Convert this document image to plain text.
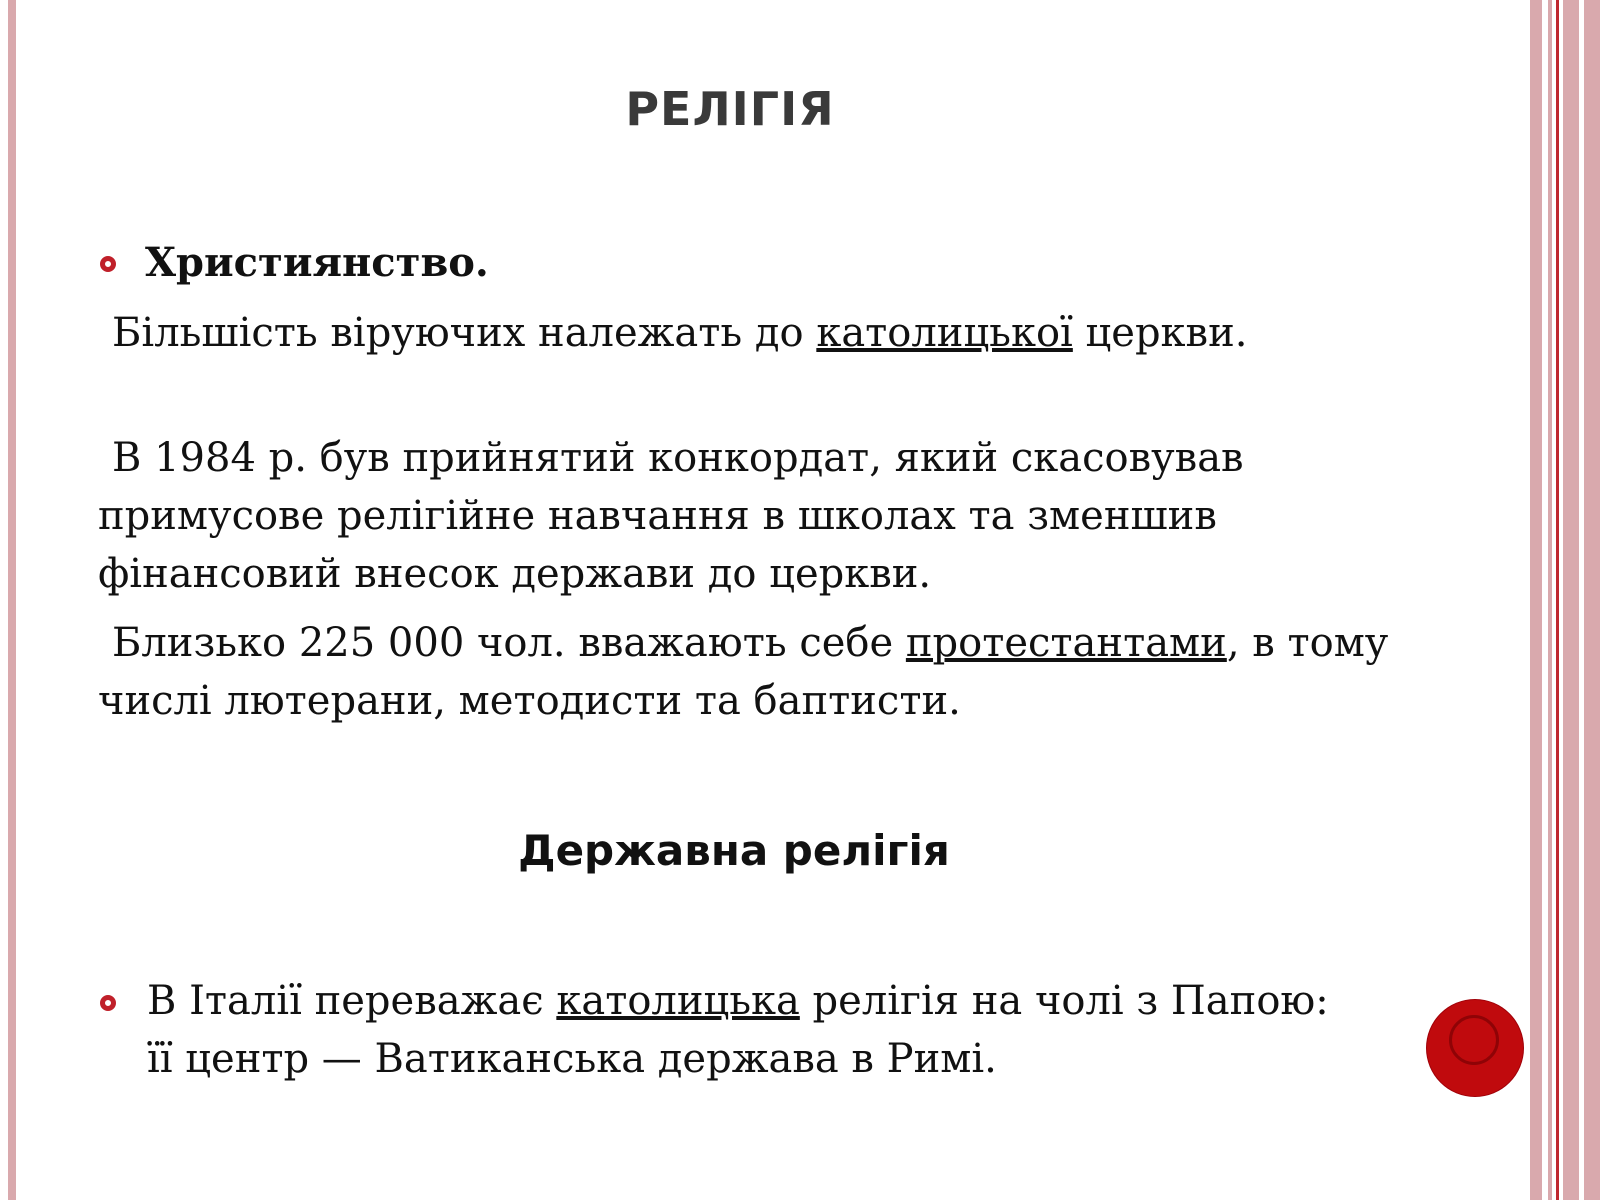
РЕЛІГІЯ

Християнство.

Більшість віруючих належать до католицької церкви.

В 1984 р. був прийнятий конкордат, який скасовував примусове релігійне навчання в школах та зменшив фінансовий внесок держави до церкви.

Близько 225 000 чол. вважають себе протестантами, в тому числі лютерани, методисти та баптисти.

Державна релігія

В Італії переважає католицька релігія на чолі з Папою: її центр — Ватиканська держава в Римі.
